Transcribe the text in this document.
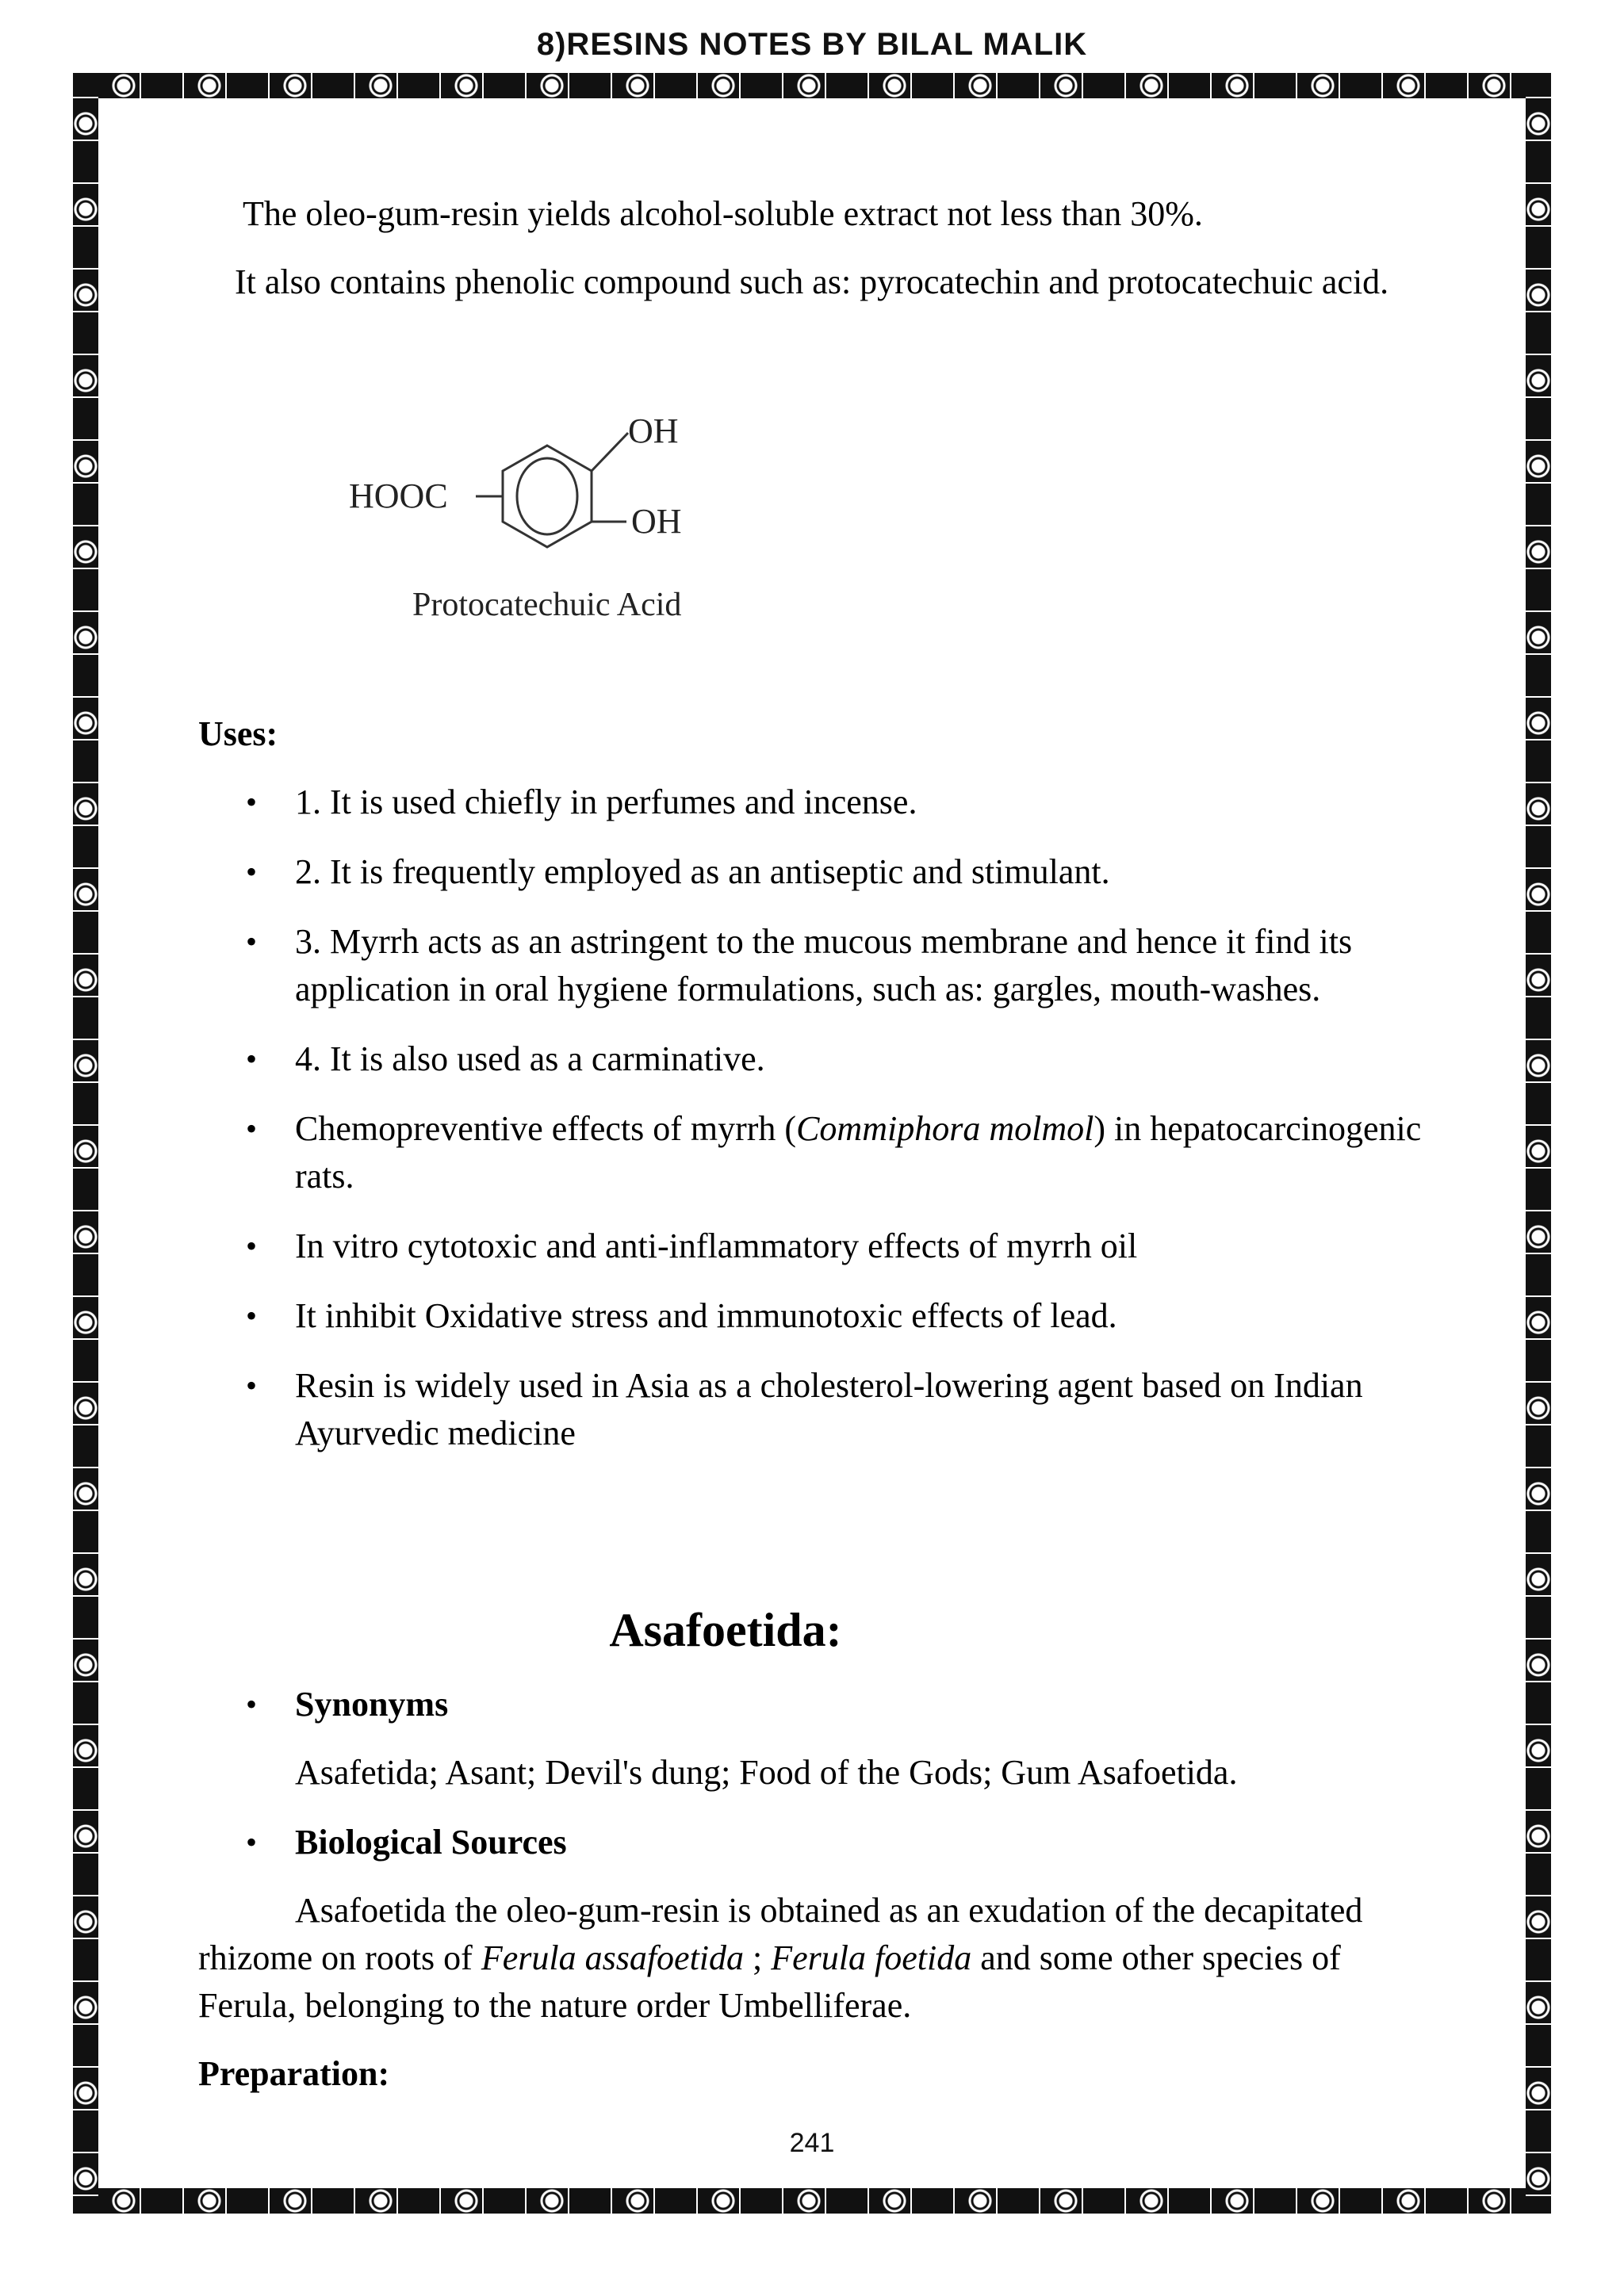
8)RESINS NOTES BY BILAL MALIK

The oleo-gum-resin yields alcohol-soluble extract not less than 30%.

It also contains phenolic compound such as: pyrocatechin and protocatechuic acid.

OH
OH
HOOC
Protocatechuic Acid

Uses:

•	1. It is used chiefly in perfumes and incense.
•	2. It is frequently employed as an antiseptic and stimulant.
•	3. Myrrh acts as an astringent to the mucous membrane and hence it find its application in oral hygiene formulations, such as: gargles, mouth-washes.
•	4. It is also used as a carminative.
•	Chemopreventive effects of myrrh (Commiphora molmol) in hepatocarcinogenic rats.
•	In vitro cytotoxic and anti-inflammatory effects of myrrh oil
•	It inhibit Oxidative stress and immunotoxic effects of lead.
•	Resin is widely used in Asia as a cholesterol-lowering agent based on Indian Ayurvedic medicine
Asafoetida:
•	Synonyms

Asafetida; Asant; Devil's dung; Food of the Gods; Gum Asafoetida.

•	Biological Sources

Asafoetida the oleo-gum-resin is obtained as an exudation of the decapitated rhizome on roots of Ferula assafoetida ; Ferula foetida and some other species of Ferula, belonging to the nature order Umbelliferae.

Preparation:

241
